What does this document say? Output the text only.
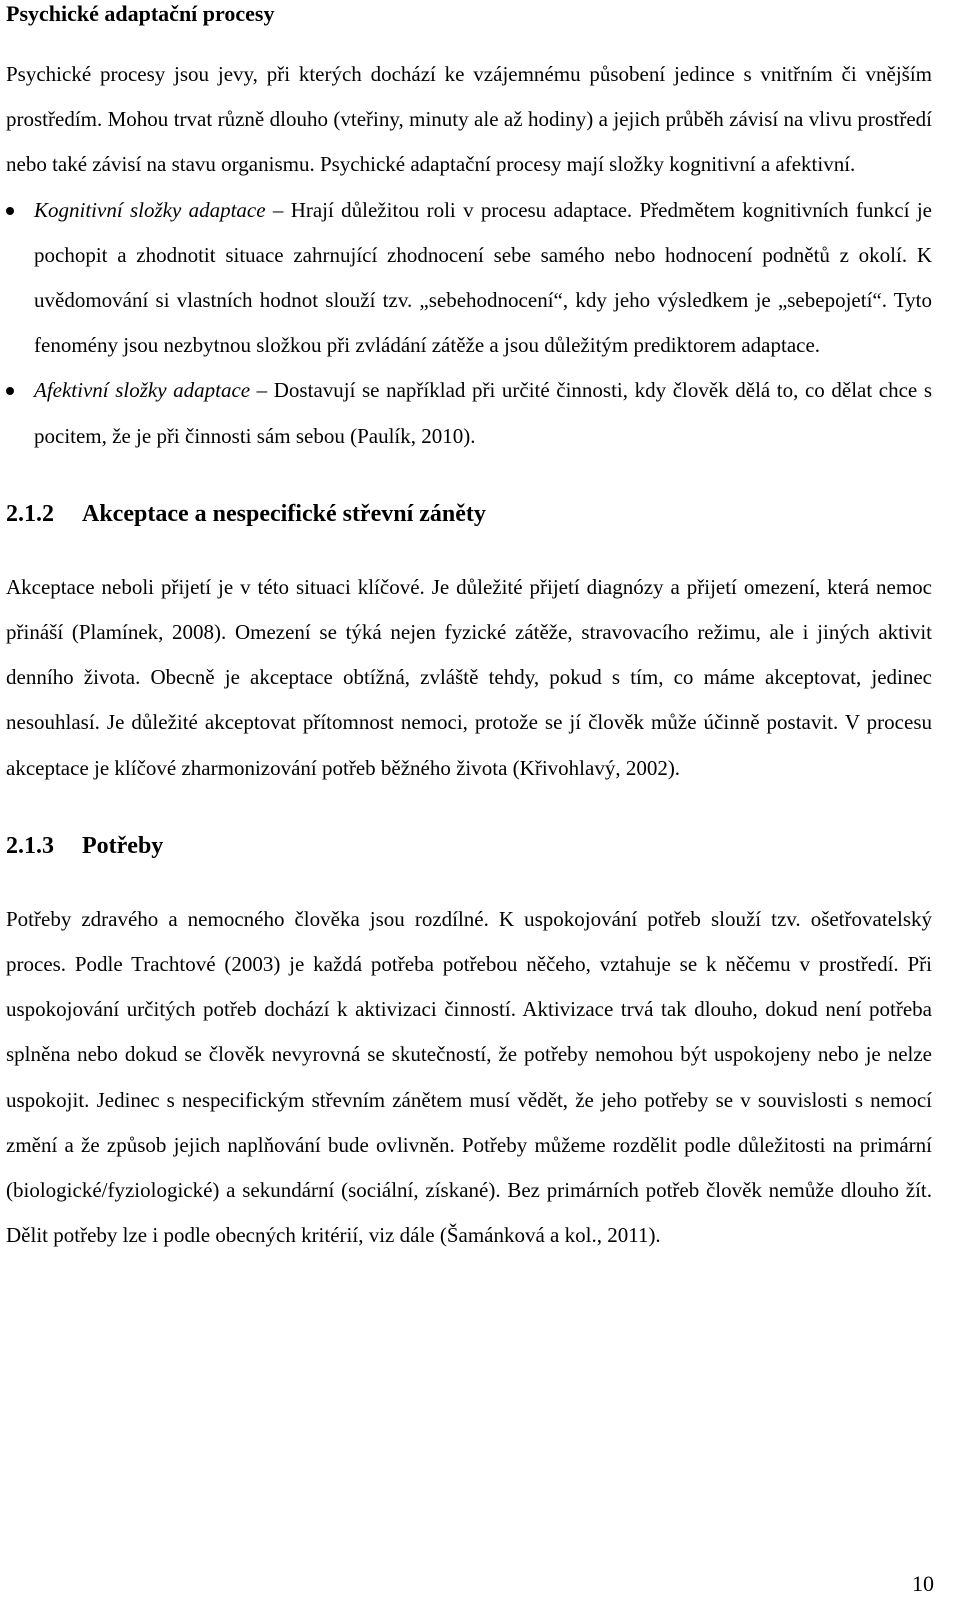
Psychické adaptační procesy

Psychické procesy jsou jevy, při kterých dochází ke vzájemnému působení jedince s vnitřním či vnějším prostředím. Mohou trvat různě dlouho (vteřiny, minuty ale až hodiny) a jejich průběh závisí na vlivu prostředí nebo také závisí na stavu organismu. Psychické adaptační procesy mají složky kognitivní a afektivní.

Kognitivní složky adaptace – Hrají důležitou roli v procesu adaptace. Předmětem kognitivních funkcí je pochopit a zhodnotit situace zahrnující zhodnocení sebe samého nebo hodnocení podnětů z okolí. K uvědomování si vlastních hodnot slouží tzv. „sebehodnocení“, kdy jeho výsledkem je „sebepojetí“. Tyto fenomény jsou nezbytnou složkou při zvládání zátěže a jsou důležitým prediktorem adaptace.
Afektivní složky adaptace – Dostavují se například při určité činnosti, kdy člověk dělá to, co dělat chce s pocitem, že je při činnosti sám sebou (Paulík, 2010).
2.1.2 Akceptace a nespecifické střevní záněty

Akceptace neboli přijetí je v této situaci klíčové. Je důležité přijetí diagnózy a přijetí omezení, která nemoc přináší (Plamínek, 2008). Omezení se týká nejen fyzické zátěže, stravovacího režimu, ale i jiných aktivit denního života. Obecně je akceptace obtížná, zvláště tehdy, pokud s tím, co máme akceptovat, jedinec nesouhlasí. Je důležité akceptovat přítomnost nemoci, protože se jí člověk může účinně postavit. V procesu akceptace je klíčové zharmonizování potřeb běžného života (Křivohlavý, 2002).

2.1.3 Potřeby

Potřeby zdravého a nemocného člověka jsou rozdílné. K uspokojování potřeb slouží tzv. ošetřovatelský proces. Podle Trachtové (2003) je každá potřeba potřebou něčeho, vztahuje se k něčemu v prostředí. Při uspokojování určitých potřeb dochází k aktivizaci činností. Aktivizace trvá tak dlouho, dokud není potřeba splněna nebo dokud se člověk nevyrovná se skutečností, že potřeby nemohou být uspokojeny nebo je nelze uspokojit. Jedinec s nespecifickým střevním zánětem musí vědět, že jeho potřeby se v souvislosti s nemocí změní a že způsob jejich naplňování bude ovlivněn. Potřeby můžeme rozdělit podle důležitosti na primární (biologické/fyziologické) a sekundární (sociální, získané). Bez primárních potřeb člověk nemůže dlouho žít. Dělit potřeby lze i podle obecných kritérií, viz dále (Šamánková a kol., 2011).

10
